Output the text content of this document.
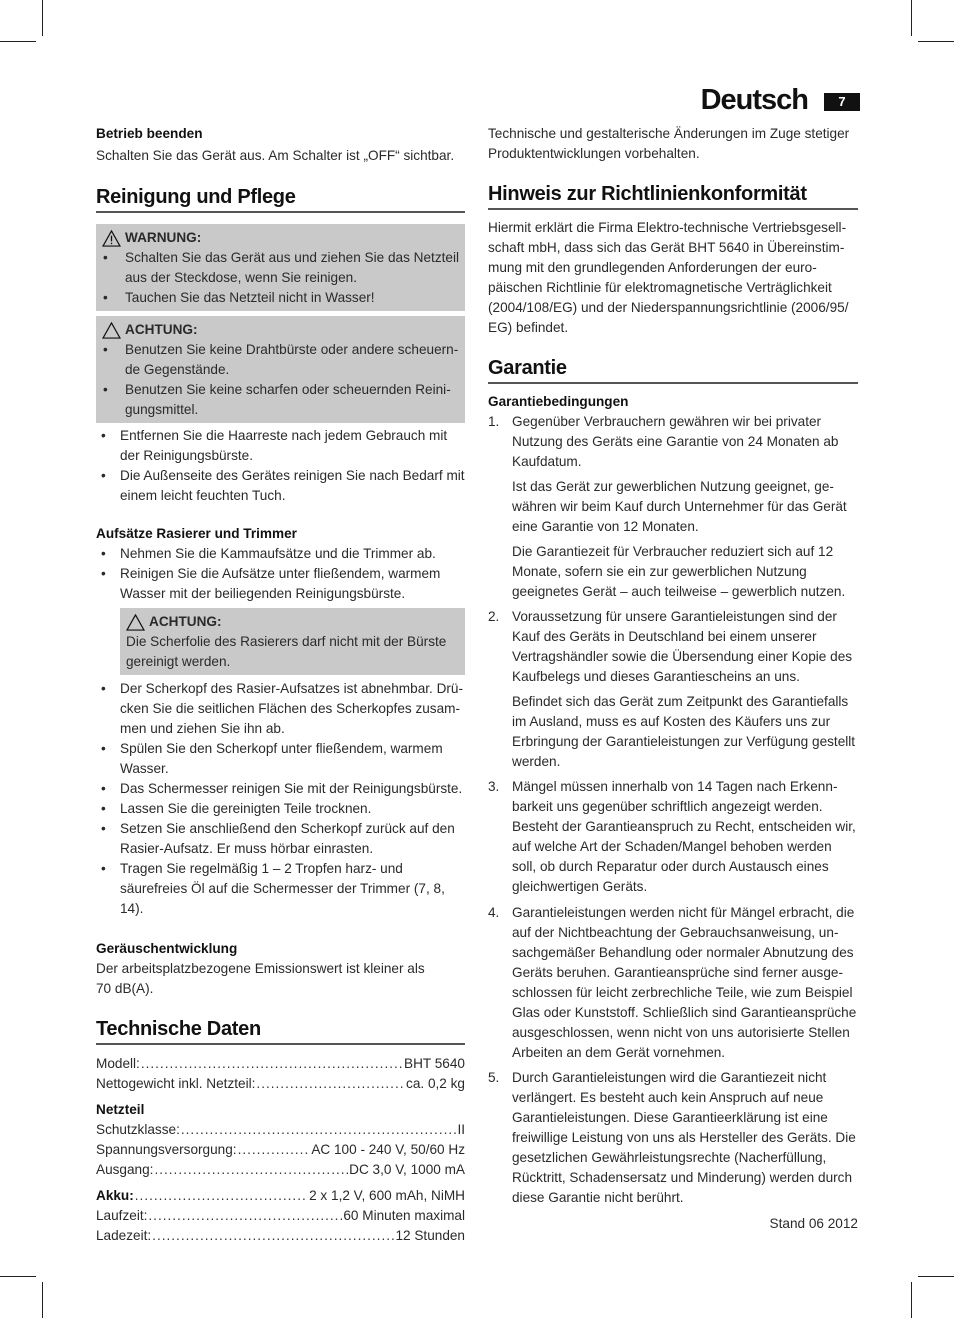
Deutsch	7

Betrieb beenden

Schalten Sie das Gerät aus. Am Schalter ist „OFF“ sichtbar.

Reinigung und Pflege
WARNUNG:
• Schalten Sie das Gerät aus und ziehen Sie das Netzteil aus der Steckdose, wenn Sie reinigen.
• Tauchen Sie das Netzteil nicht in Wasser!
ACHTUNG:
• Benutzen Sie keine Drahtbürste oder andere scheuernde Gegenstände.
• Benutzen Sie keine scharfen oder scheuernden Reinigungsmittel.
• Entfernen Sie die Haarreste nach jedem Gebrauch mit der Reinigungsbürste.
• Die Außenseite des Gerätes reinigen Sie nach Bedarf mit einem leicht feuchten Tuch.

Aufsätze Rasierer und Trimmer

• Nehmen Sie die Kammaufsätze und die Trimmer ab.
• Reinigen Sie die Aufsätze unter fließendem, warmem Wasser mit der beiliegenden Reinigungsbürste.
ACHTUNG:

Die Scherfolie des Rasierers darf nicht mit der Bürste gereinigt werden.

• Der Scherkopf des Rasier-Aufsatzes ist abnehmbar. Drücken Sie die seitlichen Flächen des Scherkopfes zusammen und ziehen Sie ihn ab.
• Spülen Sie den Scherkopf unter fließendem, warmem Wasser.
• Das Schermesser reinigen Sie mit der Reinigungsbürste.
• Lassen Sie die gereinigten Teile trocknen.
• Setzen Sie anschließend den Scherkopf zurück auf den Rasier-Aufsatz. Er muss hörbar einrasten.
• Tragen Sie regelmäßig 1 – 2 Tropfen harz- und säurefreies Öl auf die Schermesser der Trimmer (7, 8, 14).

Geräuschentwicklung

Der arbeitsplatzbezogene Emissionswert ist kleiner als

70 dB(A).

Technische Daten
Modell: .....	BHT 5640
Nettogewicht inkl. Netzteil: .....	ca. 0,2 kg

Netzteil

Schutzklasse: .....	II
Spannungsversorgung: .....	AC 100 - 240 V, 50/60 Hz
Ausgang: .....	DC 3,0 V, 1000 mA
Akku: .....	2 x 1,2 V, 600 mAh, NiMH
Laufzeit: .....	60 Minuten maximal
Ladezeit: .....	12 Stunden

Technische und gestalterische Änderungen im Zuge stetiger Produktentwicklungen vorbehalten.

Hinweis zur Richtlinienkonformität

Hiermit erklärt die Firma Elektro-technische Vertriebsgesellschaft mbH, dass sich das Gerät BHT 5640 in Übereinstimmung mit den grundlegenden Anforderungen der europäischen Richtlinie für elektromagnetische Verträglichkeit (2004/108/EG) und der Niederspannungsrichtlinie (2006/95/ EG) befindet.

Garantie

Garantiebedingungen

1. Gegenüber Verbrauchern gewähren wir bei privater Nutzung des Geräts eine Garantie von 24 Monaten ab Kaufdatum.

Ist das Gerät zur gewerblichen Nutzung geeignet, gewähren wir beim Kauf durch Unternehmer für das Gerät eine Garantie von 12 Monaten.

Die Garantiezeit für Verbraucher reduziert sich auf 12 Monate, sofern sie ein zur gewerblichen Nutzung geeignetes Gerät – auch teilweise – gewerblich nutzen.

2. Voraussetzung für unsere Garantieleistungen sind der Kauf des Geräts in Deutschland bei einem unserer Vertragshändler sowie die Übersendung einer Kopie des Kaufbelegs und dieses Garantiescheins an uns.

Befindet sich das Gerät zum Zeitpunkt des Garantiefalls im Ausland, muss es auf Kosten des Käufers uns zur Erbringung der Garantieleistungen zur Verfügung gestellt werden.

3. Mängel müssen innerhalb von 14 Tagen nach Erkennbarkeit uns gegenüber schriftlich angezeigt werden. Besteht der Garantieanspruch zu Recht, entscheiden wir, auf welche Art der Schaden/Mangel behoben werden soll, ob durch Reparatur oder durch Austausch eines gleichwertigen Geräts.

4. Garantieleistungen werden nicht für Mängel erbracht, die auf der Nichtbeachtung der Gebrauchsanweisung, unsachgemäßer Behandlung oder normaler Abnutzung des Geräts beruhen. Garantieansprüche sind ferner ausgeschlossen für leicht zerbrechliche Teile, wie zum Beispiel Glas oder Kunststoff. Schließlich sind Garantieansprüche ausgeschlossen, wenn nicht von uns autorisierte Stellen Arbeiten an dem Gerät vornehmen.

5. Durch Garantieleistungen wird die Garantiezeit nicht verlängert. Es besteht auch kein Anspruch auf neue Garantieleistungen. Diese Garantieerklärung ist eine freiwillige Leistung von uns als Hersteller des Geräts. Die gesetzlichen Gewährleistungsrechte (Nacherfüllung, Rücktritt, Schadensersatz und Minderung) werden durch diese Garantie nicht berührt.

Stand 06 2012
